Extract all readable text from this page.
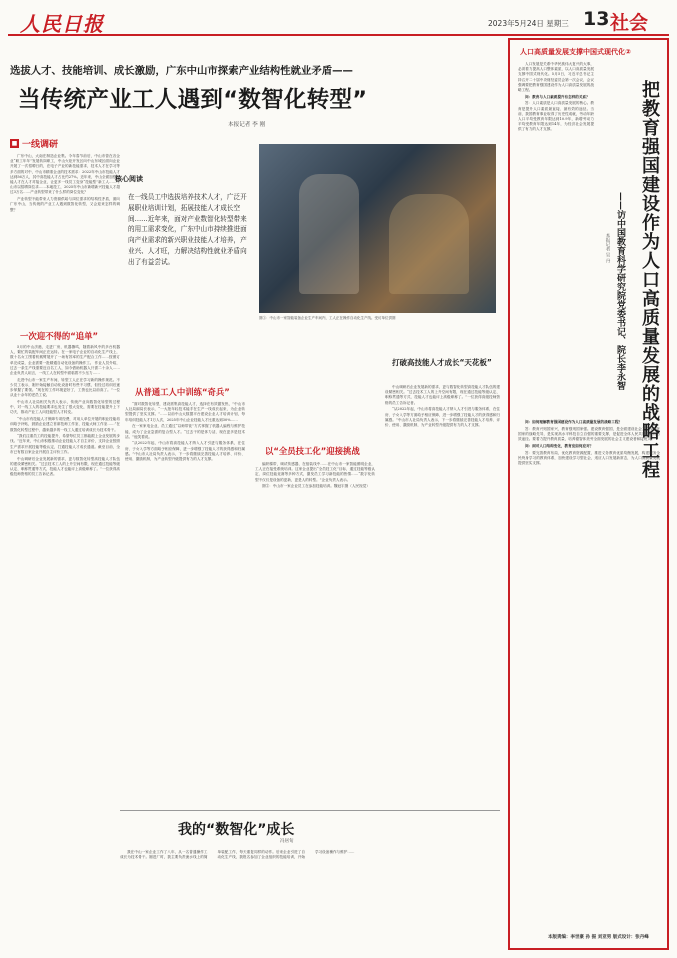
人民日报	2023年5月24日 星期三 13 社会
选拔人才、技能培训、成长激励，广东中山市探索产业结构性就业矛盾——
当传统产业工人遇到“数智化转型”
本报记者 李 刚
■ 一线调研

广东中山，大南庄制造企业集。今年春节前后，中山市曾在各企业“职工年年”发展转岗职工，中山火炬开发区向中山东城区面向企业开展了一次招聘日的，在电子产业的新技能需求，技术人才在学习等多方面的对中，中山市精准企业的技术需求：2022年中山市技能人才达到56万人，其中高技能人才占比约27%。近年来，中山全面加强技能人才在人才对接企业，让更多一线员工变身“技能型”新工人……中山市以招聘岗位求……本地技工，2025年中山市新增新兴技能人才超过3万名……产业转型带来了什么样的岗位变化？

产业转型不能带来人力资源供给与岗位需求的结构性矛盾，面向广东中山，当传统的产业工人遇到数智化转型，又会迎来怎样的调整？

一次迎不得的“追单”

5月的中山济港，走进厂房，机器撕鸣，随着新风中的多台机器人，繁忙的装配车间正在运转。在一家电子企业的自动化生产线上，数十名女工围着机械臂展开了一场有效率的生产配合工作……按照订单完成量，企业需要一批精通自动化设备的操作工。 作业人员介绍，过去一条生产线需要近百名工人，如今借助机器人只需二十余人……企业负责人坦言，一线工人在转型中面临着不少压力……

走进中山市一家生产车间，转型工人正在学习新的操作规范。不少员工表示，刚开始接触自动化设备时有些不习惯，但经过培训后逐步掌握了要领。“现在的工作环境更好了，工资也比以前高了。”一位从业十余年的老员工说。

中山市人社局相关负责人表示，传统产业向数智化转型的过程中，对一线工人的技能要求也发生了很大变化，需要在技能提升上下功夫，推动产业工人向技能型人才转变。

“中山市有技能人才保障专项经费，对用人单位开展的职业技能培训给予补贴，鼓励企业建立首席技师工作室、技能大师工作室……”在数智化转型过程中，越来越多的一线工人通过培训成长为技术骨干。

“我们注重员工的技能提升，希望每位员工都能跟上企业发展的步伐。”近年来，中山市积极推动企业技能人才自主评价，支持企业按照生产需求开展技能等级认定，打通技能人才成长通道。截至目前，全市已有数百家企业开展自主评价工作。

中山调研后企业发展新的需求，更与数智化转型高技能人才队伍的建设紧密相关。“过去技术工人的上升空间有限，现在通过技能等级认定、职称贯通等方式，技能人才也能评上高级职称了。”一位获得高级技师资格的员工告诉记者。

核心阅读
在一线员工中选拔培养技术人才，广泛开展职业培训计划，拓展技能人才成长空间……近年来，面对产业数智化转型带来的用工需求变化，广东中山市持续推进面向产业需求的新兴职业技能人才培养，产业兴、人才旺，力解决结构性就业矛盾向出了有益尝试。
图①：中山市一家智能装备企业生产车间内，工人正在操作自动化生产线。受访单位供图
从普通工人中训练“奇兵”

“面对数智化转型，建设需集高技能人才，选择在有效激发热，”中山市人社局副局长表示，“一大批年轻技术能手在生产一线成长起来，为企业转型提供了坚实支撑。”……以前中山大数据平台建设企业人才培训计划，每年培训技能人才1万人次，2025年中山企业技能人才比重达到30%……

在一家家电企业，员工通过“以师带徒”方式掌握了机器人编程与维护技能，成为了企业急需的复合型人才。“过去干的是体力活，现在更多是技术活。”他笑着说。

“从2022年起，中山市将高技能人才纳入人才引进与服务体系，在住房、子女入学等方面给予相应保障，进一步增强了技能人才的获得感和归属感。”中山市人社局负责人表示，下一步将继续完善技能人才培养、评价、使用、激励机制，为产业转型升级提供有力的人才支撑。

以“全员技工化”迎接挑战

编织梯带，调试传感器，在组装线中……在中山市一家智能照明企业，工人正在接受系统培训。这家企业提出“全员技工化”目标，通过技能等级认定、岗位技能竞赛等多种方式，激发员工学习新技能的热情……“数字化转型不仅仅是设备的更新，更是人的转型。”企业负责人表示。

图②：中山市一家企业员工在参加技能培训。魏冠宇摄（人民视觉）

打破高技能人才成长“天花板”

中山调研后企业发展新的需求，更与数智化转型高技能人才队伍的建设紧密相关。“过去技术工人的上升空间有限，现在通过技能等级认定、职称贯通等方式，技能人才也能评上高级职称了。”一位获得高级技师资格的员工告诉记者。

“从2022年起，中山市将高技能人才纳入人才引进与服务体系，在住房、子女入学等方面给予相应保障，进一步增强了技能人才的获得感和归属感。”中山市人社局负责人表示，下一步将继续完善技能人才培养、评价、使用、激励机制，为产业转型升级提供有力的人才支撑。

我的“数智化”成长
冯居旬

我在中山一家企业工作了八年，从一名普通操作工成长为技术骨干。刚进厂时，我主要负责流水线上的简单装配工作，每天重复同样的动作。后来企业引进了自动化生产线，我报名参加了企业组织的技能培训，开始学习设备操作与维护……

人口高质量发展支撑中国式现代化②
把教育强国建设作为人口高质量发展的战略工程
——访中国教育科学研究院党委书记、院长李永智
本报记者 吴 丹

人口发展是关系中华民族伟大复兴的大事，必须着力提高人口整体素质，以人口高质量发展支撑中国式现代化。5月5日，习近平总书记主持召开二十届中央财经委员会第一次会议，会议强调要把教育强国建设作为人口高质量发展的战略工程。

问：教育与人口素质提升有怎样的关系？

答：人口素质是人口高质量发展的核心。教育是提升人口素质最直接、最有效的途径。当前，我国教育事业取得了历史性成就，劳动年龄人口平均受教育年限达到10.9年，新增劳动力平均受教育年限达到14年，为经济社会发展提供了有力的人才支撑。

问：如何理解教育强国建设作为人口高质量发展的战略工程？

答：教育兴则国家兴，教育强则国家强。建设教育强国，是全面建设社会主义现代化国家的战略先导，是实现高水平科技自立自强的重要支撑，是促进全体人民共同富裕的有效途径。要着力提升教育质量，培养德智体美劳全面发展的社会主义建设者和接班人。

问：面对人口结构变化，教育应如何应对？

答：要完善教育布局，优化教育资源配置，推进义务教育优质均衡发展，构建服务全民终身学习的教育体系，加快建设学习型社会，适应人口发展新常态，为人口高质量发展提供坚实支撑。

本版责编：李世豪 孙 振 刘亚男 版式设计：张丹峰
